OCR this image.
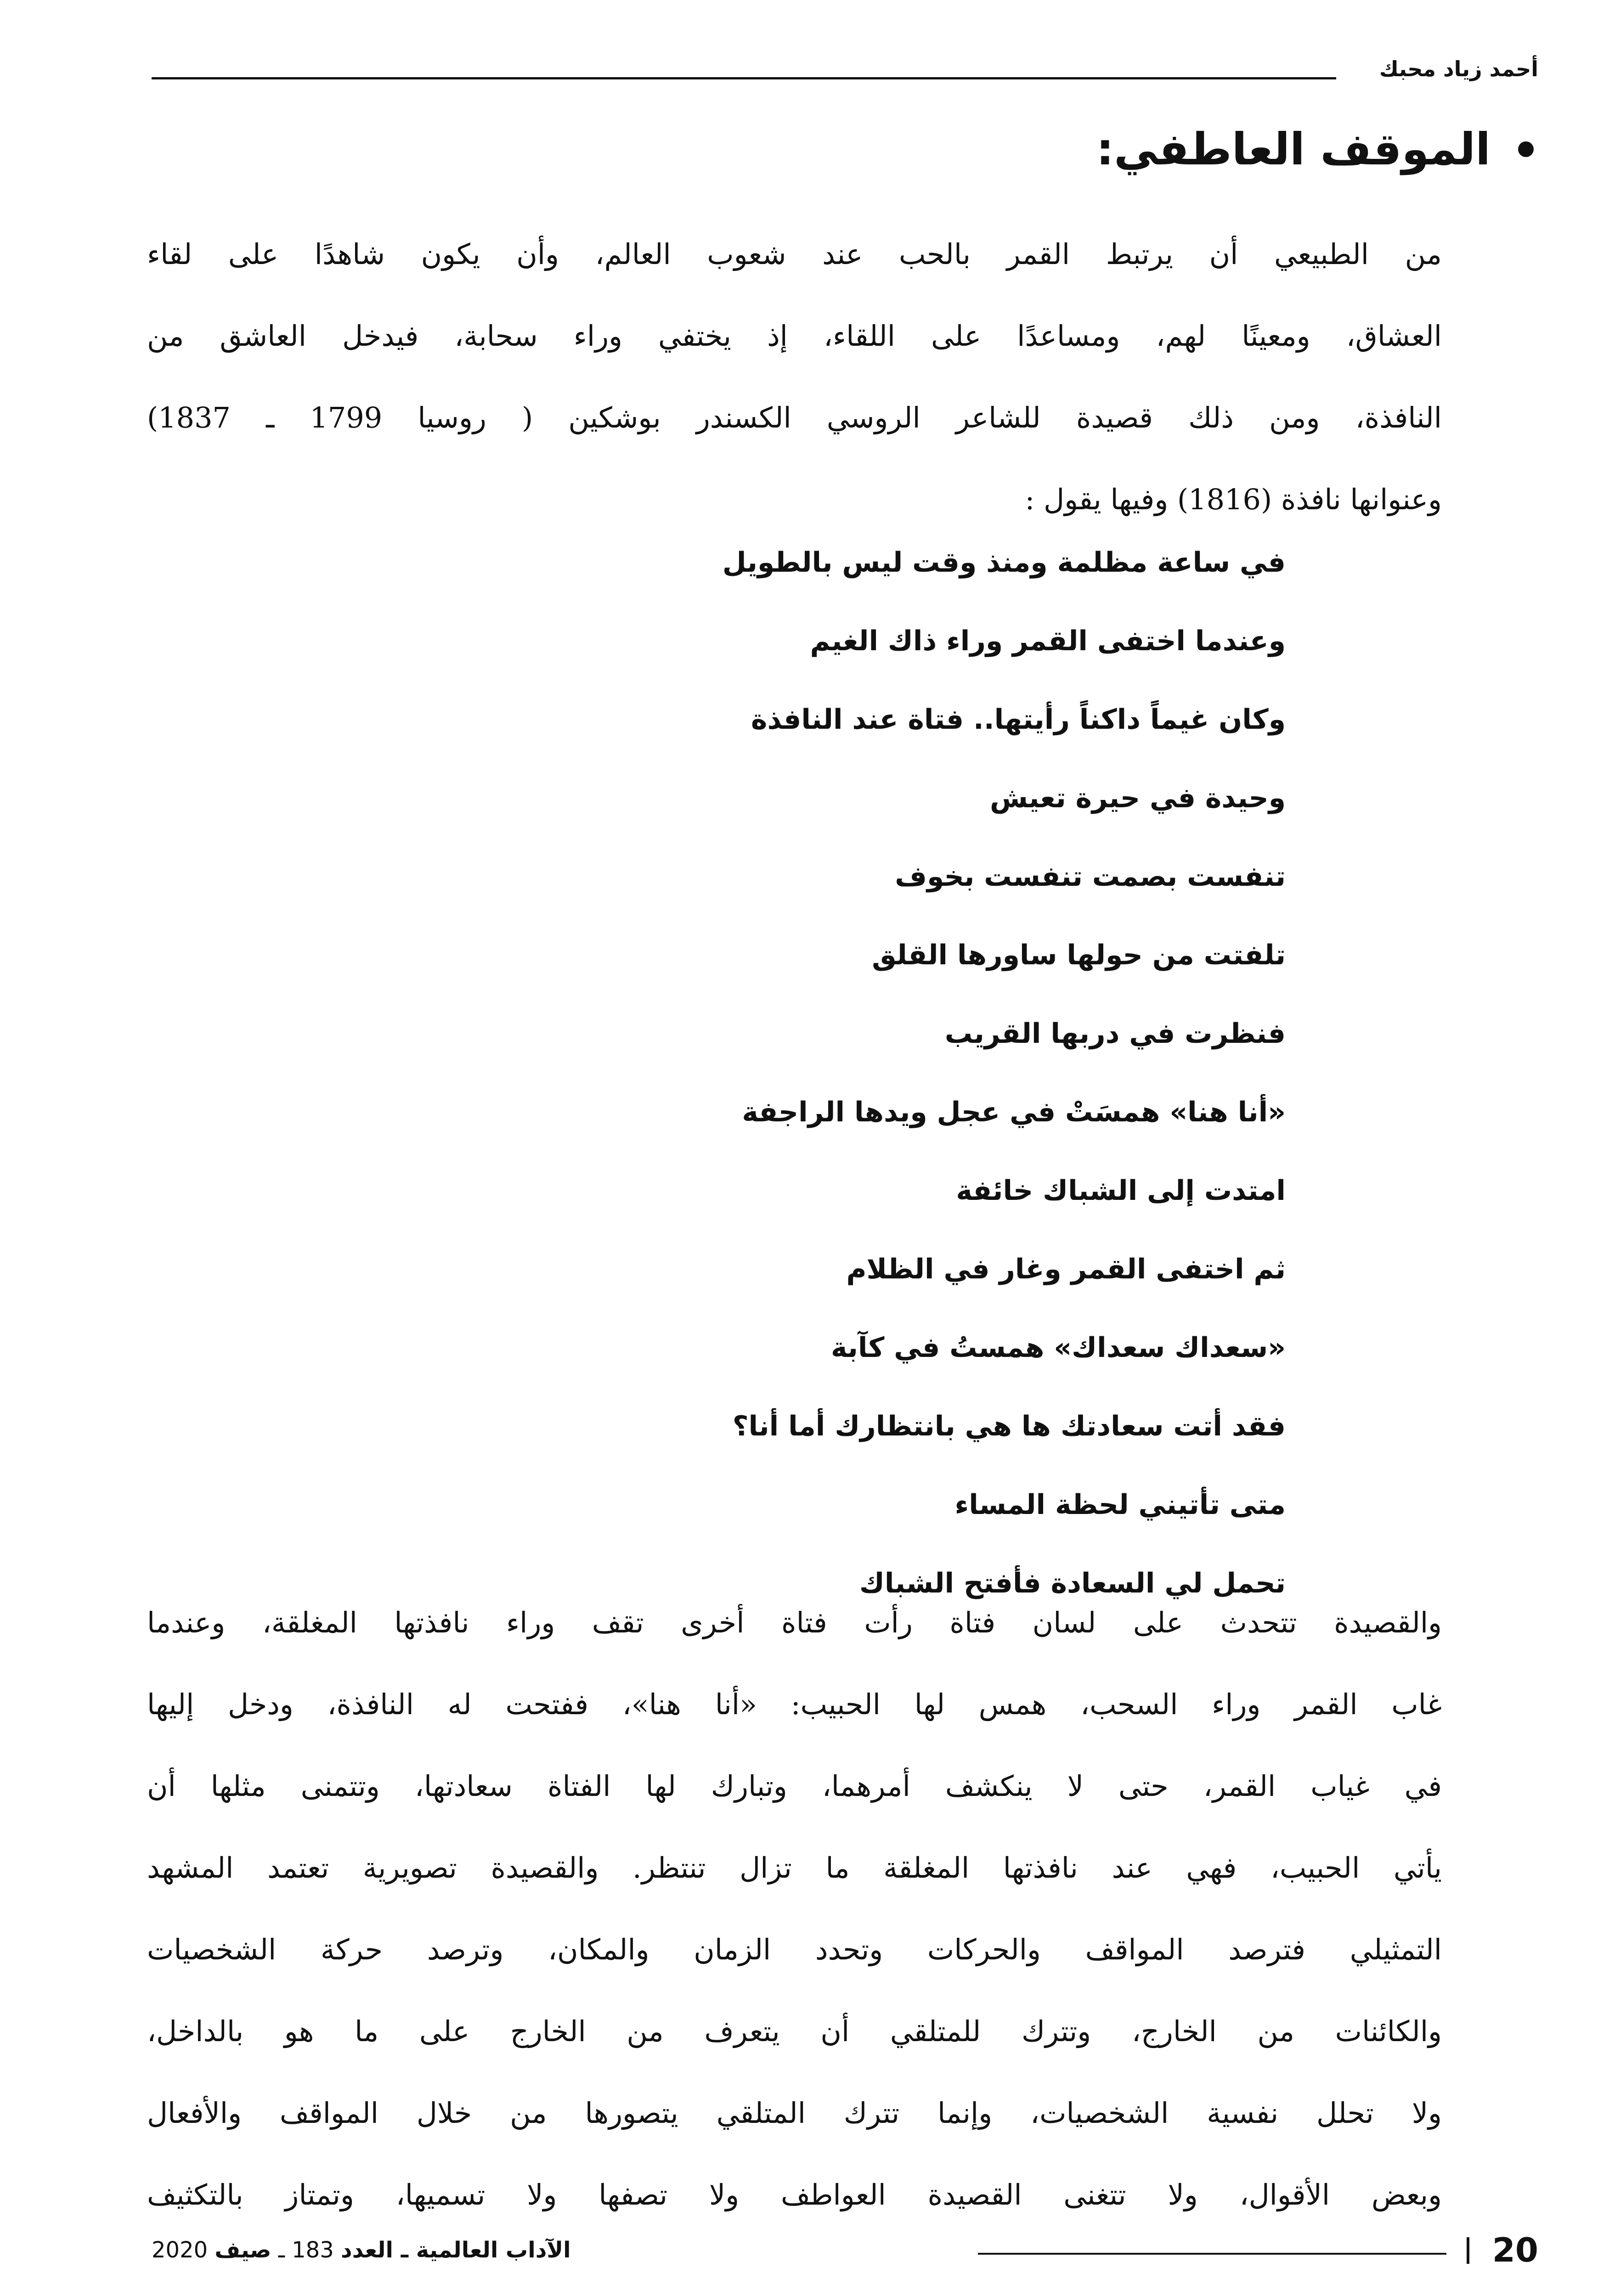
أحمد زياد محبك
الموقف العاطفي:
من الطبيعي أن يرتبط القمر بالحب عند شعوب العالم، وأن يكون شاهدًا على لقاء
العشاق، ومعينًا لهم، ومساعدًا على اللقاء، إذ يختفي وراء سحابة، فيدخل العاشق من
النافذة، ومن ذلك قصيدة للشاعر الروسي الكسندر بوشكين ( روسيا 1799 ـ 1837)
وعنوانها نافذة (1816) وفيها يقول :
في ساعة مظلمة ومنذ وقت ليس بالطويل
وعندما اختفى القمر وراء ذاك الغيم
وكان غيماً داكناً رأيتها.. فتاة عند النافذة
وحيدة في حيرة تعيش
تنفست بصمت تنفست بخوف
تلفتت من حولها ساورها القلق
فنظرت في دربها القريب
«أنا هنا» همسَتْ في عجل ويدها الراجفة
امتدت إلى الشباك خائفة
ثم اختفى القمر وغار في الظلام
«سعداك سعداك» همستُ في كآبة
فقد أتت سعادتك ها هي بانتظارك أما أنا؟
متى تأتيني لحظة المساء
تحمل لي السعادة فأفتح الشباك
والقصيدة تتحدث على لسان فتاة رأت فتاة أخرى تقف وراء نافذتها المغلقة، وعندما
غاب القمر وراء السحب، همس لها الحبيب: «أنا هنا»، ففتحت له النافذة، ودخل إليها
في غياب القمر، حتى لا ينكشف أمرهما، وتبارك لها الفتاة سعادتها، وتتمنى مثلها أن
يأتي الحبيب، فهي عند نافذتها المغلقة ما تزال تنتظر. والقصيدة تصويرية تعتمد المشهد
التمثيلي فترصد المواقف والحركات وتحدد الزمان والمكان، وترصد حركة الشخصيات
والكائنات من الخارج، وتترك للمتلقي أن يتعرف من الخارج على ما هو بالداخل،
ولا تحلل نفسية الشخصيات، وإنما تترك المتلقي يتصورها من خلال المواقف والأفعال
وبعض الأقوال، ولا تتغنى القصيدة العواطف ولا تصفها ولا تسميها، وتمتاز بالتكثيف
20
الآداب العالمية ـ العدد 183 ـ صيف 2020
